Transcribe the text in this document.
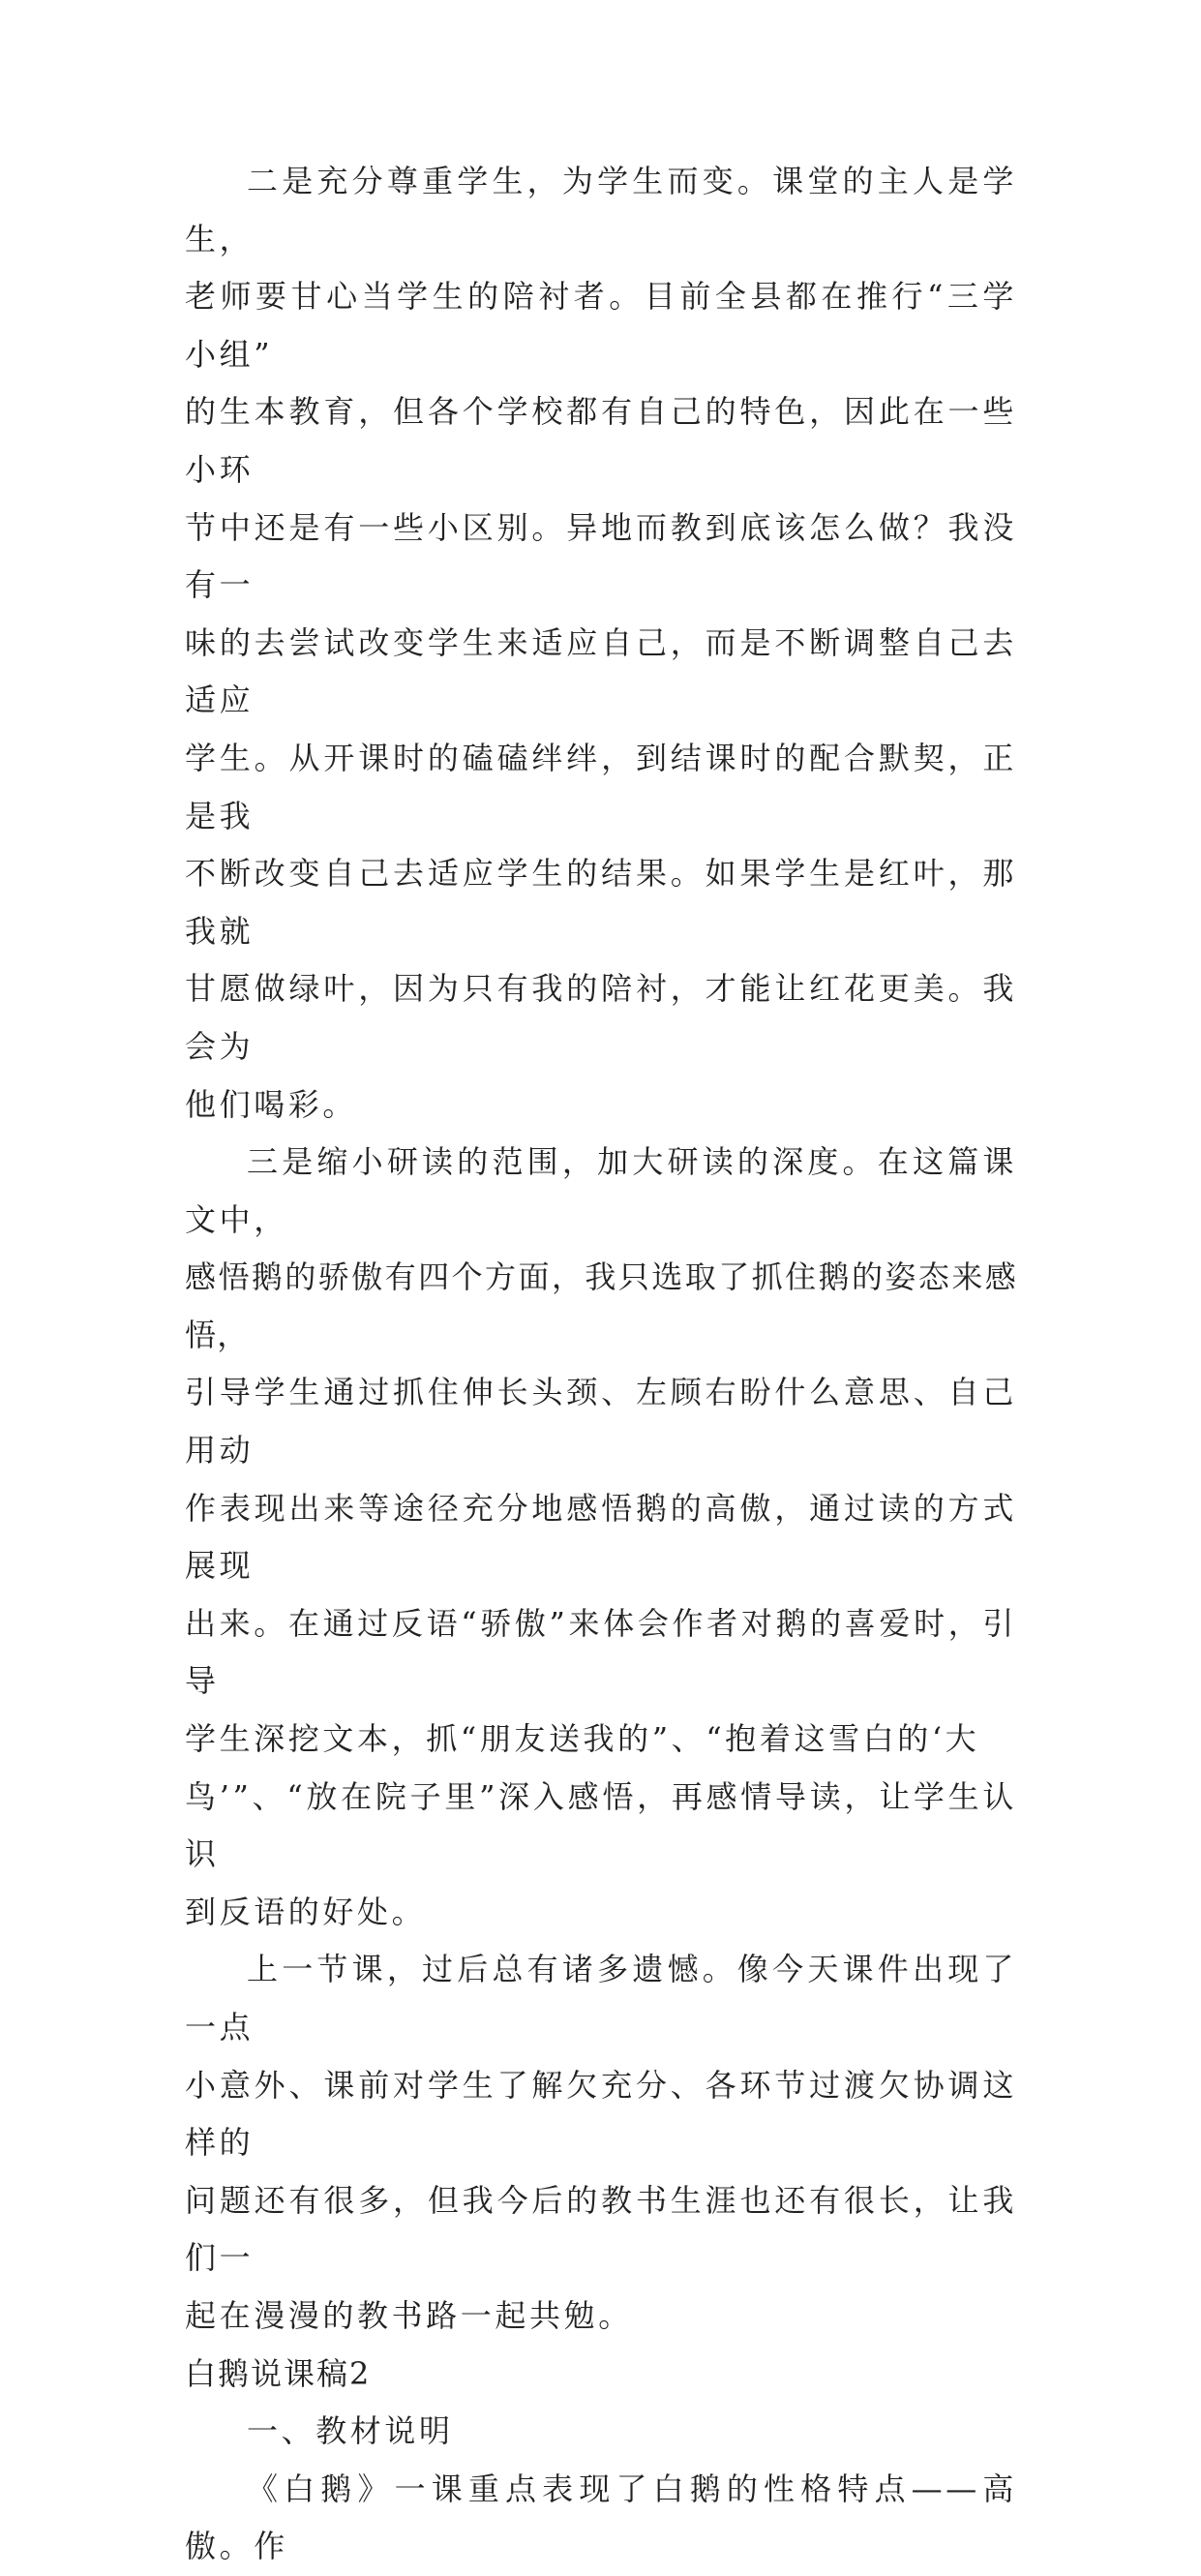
二是充分尊重学生，为学生而变。课堂的主人是学生，
老师要甘心当学生的陪衬者。目前全县都在推行“三学小组”
的生本教育，但各个学校都有自己的特色，因此在一些小环
节中还是有一些小区别。异地而教到底该怎么做？我没有一
味的去尝试改变学生来适应自己，而是不断调整自己去适应
学生。从开课时的磕磕绊绊，到结课时的配合默契，正是我
不断改变自己去适应学生的结果。如果学生是红叶，那我就
甘愿做绿叶，因为只有我的陪衬，才能让红花更美。我会为
他们喝彩。
三是缩小研读的范围，加大研读的深度。在这篇课文中，
感悟鹅的骄傲有四个方面，我只选取了抓住鹅的姿态来感悟，
引导学生通过抓住伸长头颈、左顾右盼什么意思、自己用动
作表现出来等途径充分地感悟鹅的高傲，通过读的方式展现
出来。在通过反语“骄傲”来体会作者对鹅的喜爱时，引导
学生深挖文本，抓“朋友送我的”、“抱着这雪白的‘大
鸟’”、“放在院子里”深入感悟，再感情导读，让学生认识
到反语的好处。
上一节课，过后总有诸多遗憾。像今天课件出现了一点
小意外、课前对学生了解欠充分、各环节过渡欠协调这样的
问题还有很多，但我今后的教书生涯也还有很长，让我们一
起在漫漫的教书路一起共勉。
白鹅说课稿2
一、教材说明
《白鹅》一课重点表现了白鹅的性格特点——高傲。作
